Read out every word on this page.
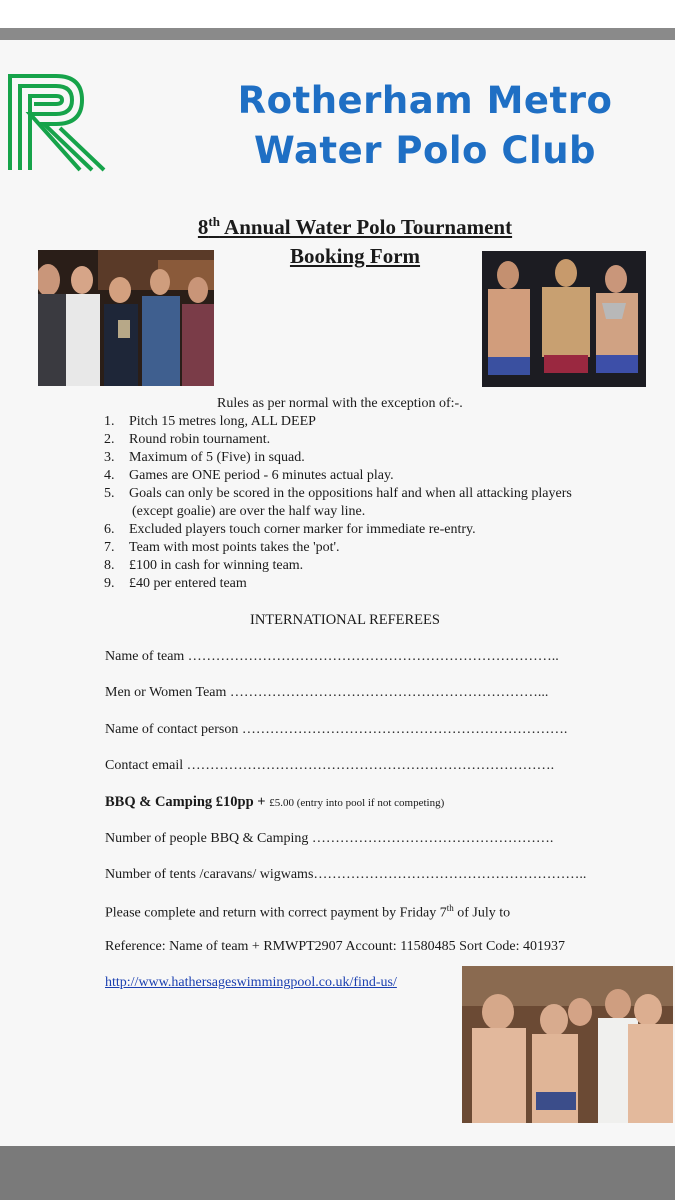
Rotherham Metro
Water Polo Club
8th Annual Water Polo Tournament
Booking Form
Rules as per normal with the exception of:-.
1. Pitch 15 metres long, ALL DEEP
2. Round robin tournament.
3. Maximum of 5 (Five) in squad.
4. Games are ONE period - 6 minutes actual play.
5. Goals can only be scored in the oppositions half and when all attacking players
(except goalie) are over the half way line.
6. Excluded players touch corner marker for immediate re-entry.
7. Team with most points takes the 'pot'.
8. £100 in cash for winning team.
9. £40 per entered team
INTERNATIONAL REFEREES
Name of team ……………………………………………………………………..
Men or Women Team …………………………………………………………...
Name of contact person …………………………………………………………….
Contact email …………………………………………………………………….
BBQ & Camping £10pp + £5.00 (entry into pool if not competing)
Number of people BBQ & Camping …………………………………………….
Number of tents /caravans/ wigwams…………………………………………………..
Please complete and return with correct payment by Friday 7th of July to
Reference: Name of team + RMWPT2907 Account: 11580485 Sort Code: 401937
http://www.hathersageswimmingpool.co.uk/find-us/
